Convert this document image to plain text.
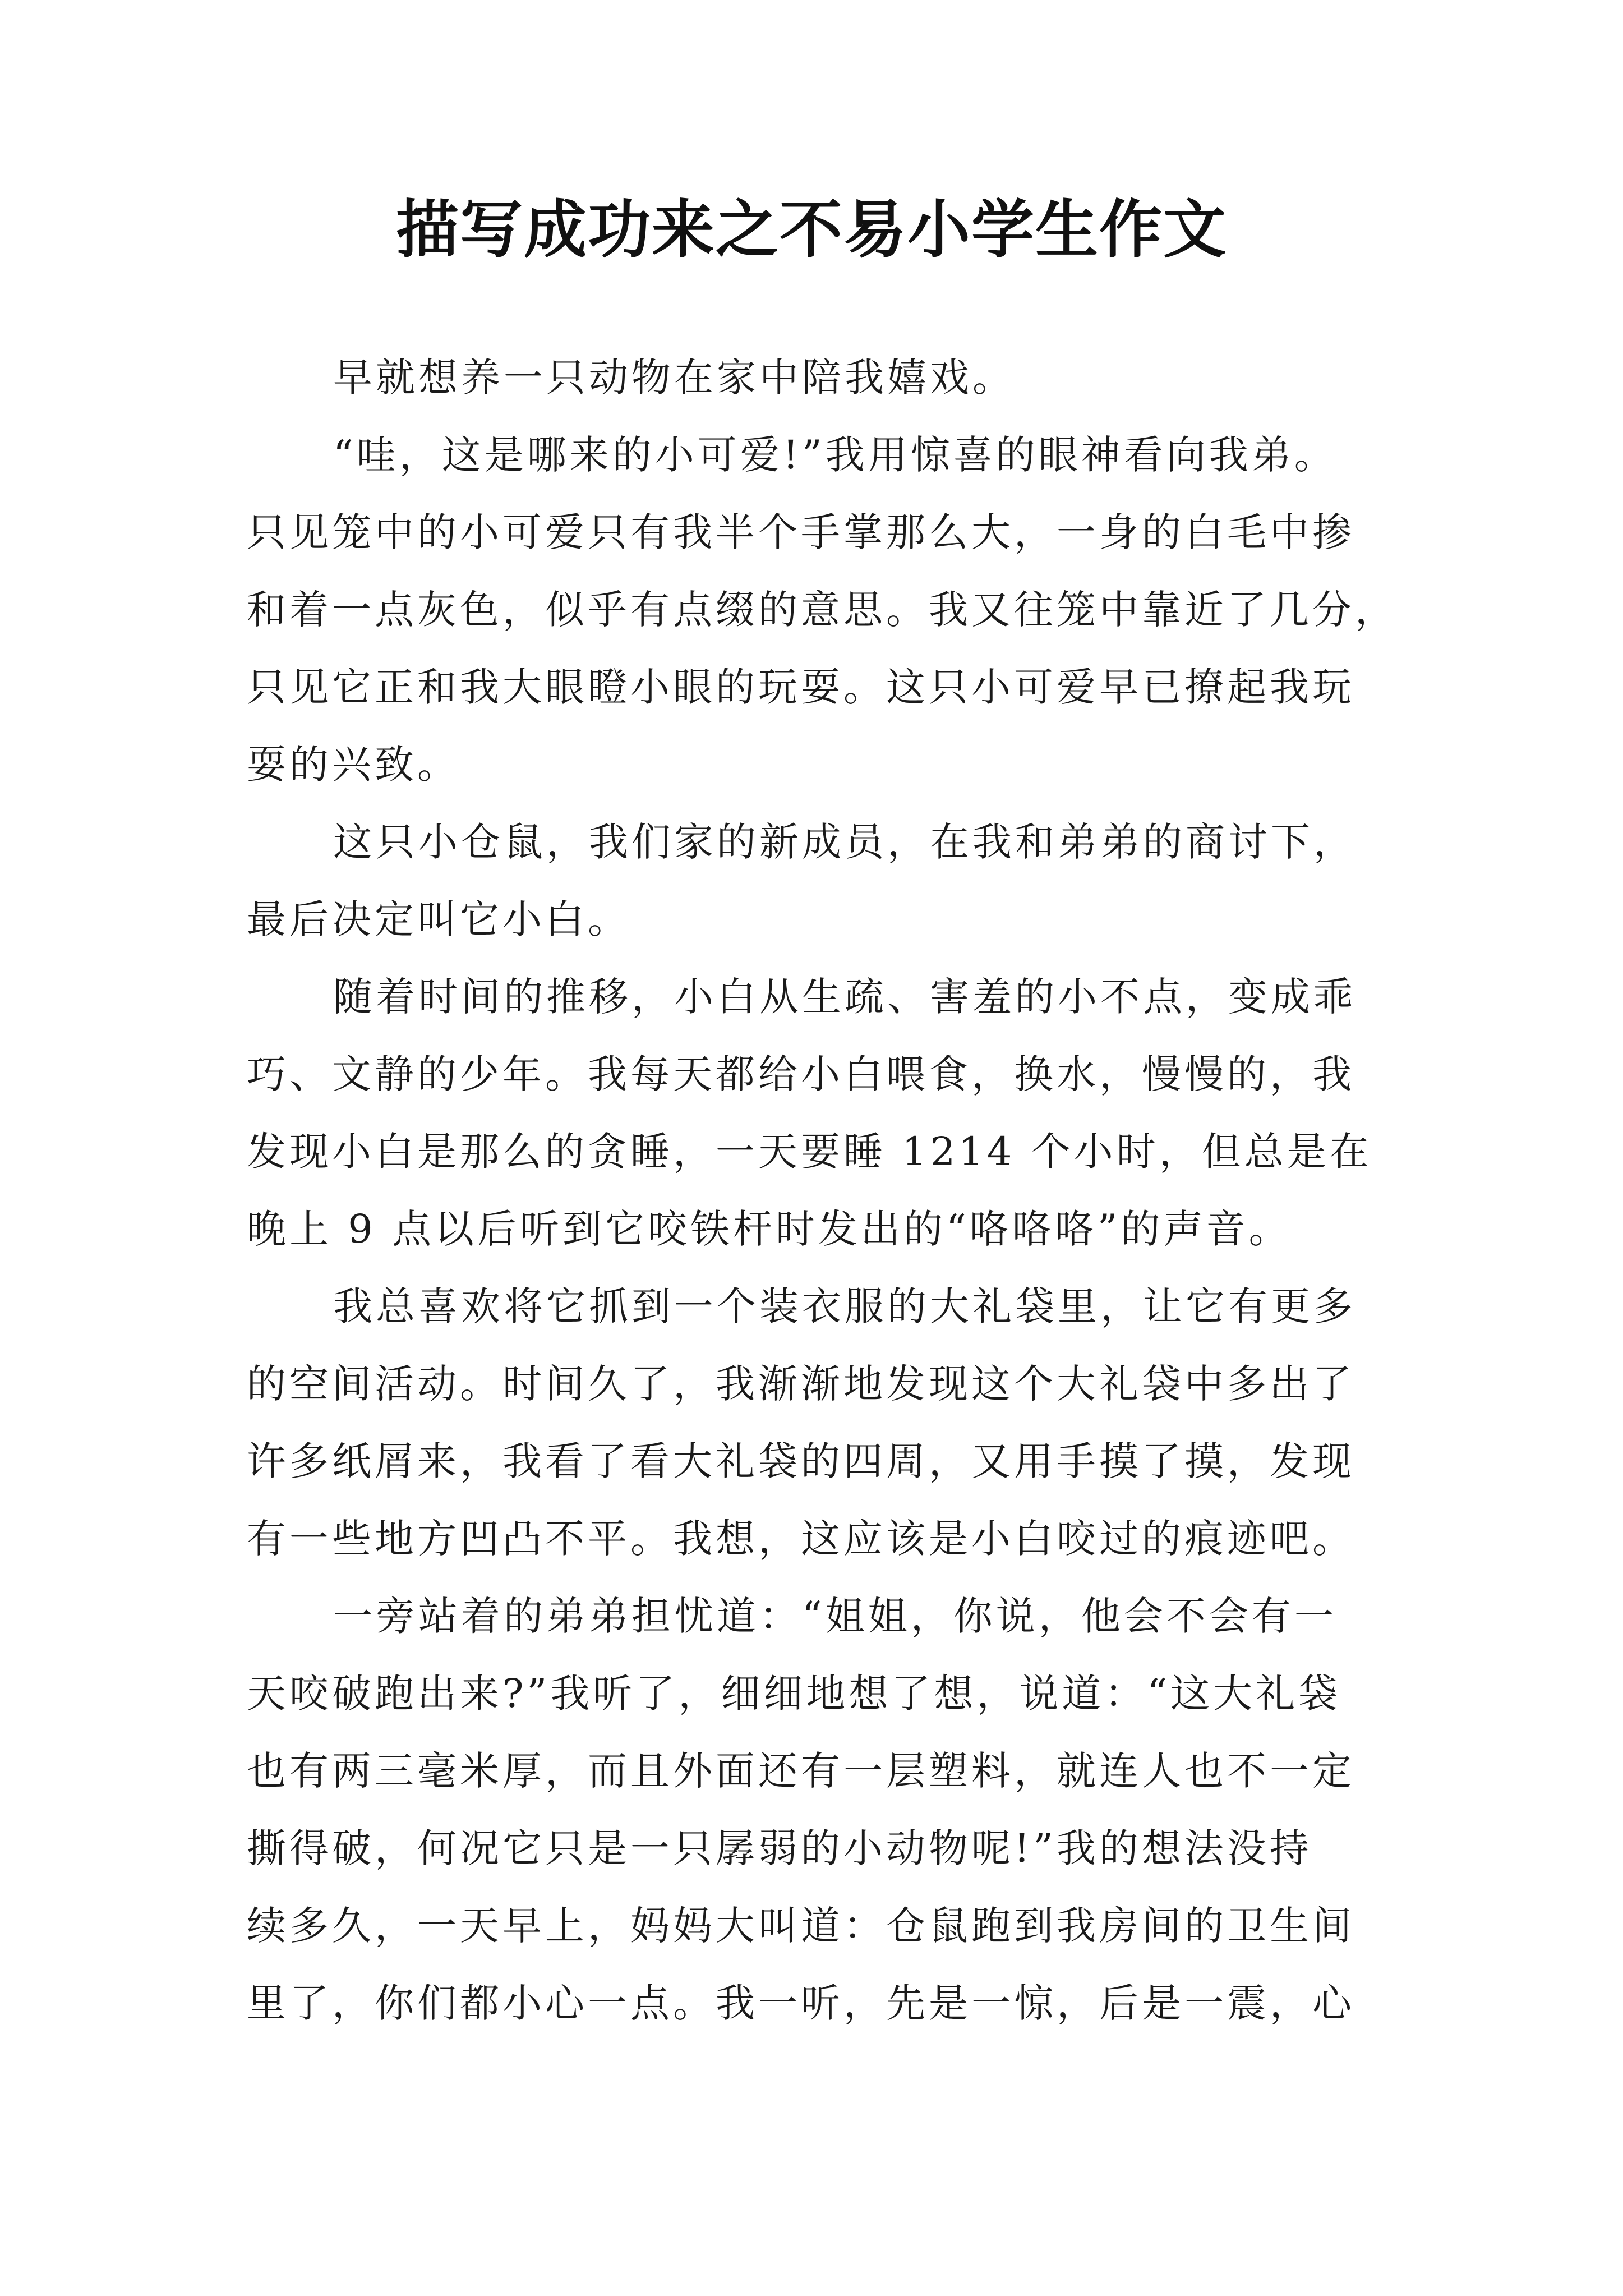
描写成功来之不易小学生作文
早就想养一只动物在家中陪我嬉戏。
“哇，这是哪来的小可爱!”我用惊喜的眼神看向我弟。
只见笼中的小可爱只有我半个手掌那么大，一身的白毛中掺
和着一点灰色，似乎有点缀的意思。我又往笼中靠近了几分，
只见它正和我大眼瞪小眼的玩耍。这只小可爱早已撩起我玩
耍的兴致。
这只小仓鼠，我们家的新成员，在我和弟弟的商讨下，
最后决定叫它小白。
随着时间的推移，小白从生疏、害羞的小不点，变成乖
巧、文静的少年。我每天都给小白喂食，换水，慢慢的，我
发现小白是那么的贪睡，一天要睡 1214 个小时，但总是在
晚上 9 点以后听到它咬铁杆时发出的“咯咯咯”的声音。
我总喜欢将它抓到一个装衣服的大礼袋里，让它有更多
的空间活动。时间久了，我渐渐地发现这个大礼袋中多出了
许多纸屑来，我看了看大礼袋的四周，又用手摸了摸，发现
有一些地方凹凸不平。我想，这应该是小白咬过的痕迹吧。
一旁站着的弟弟担忧道：“姐姐，你说，他会不会有一
天咬破跑出来?”我听了，细细地想了想，说道：“这大礼袋
也有两三毫米厚，而且外面还有一层塑料，就连人也不一定
撕得破，何况它只是一只孱弱的小动物呢!”我的想法没持
续多久，一天早上，妈妈大叫道：仓鼠跑到我房间的卫生间
里了，你们都小心一点。我一听，先是一惊，后是一震，心
